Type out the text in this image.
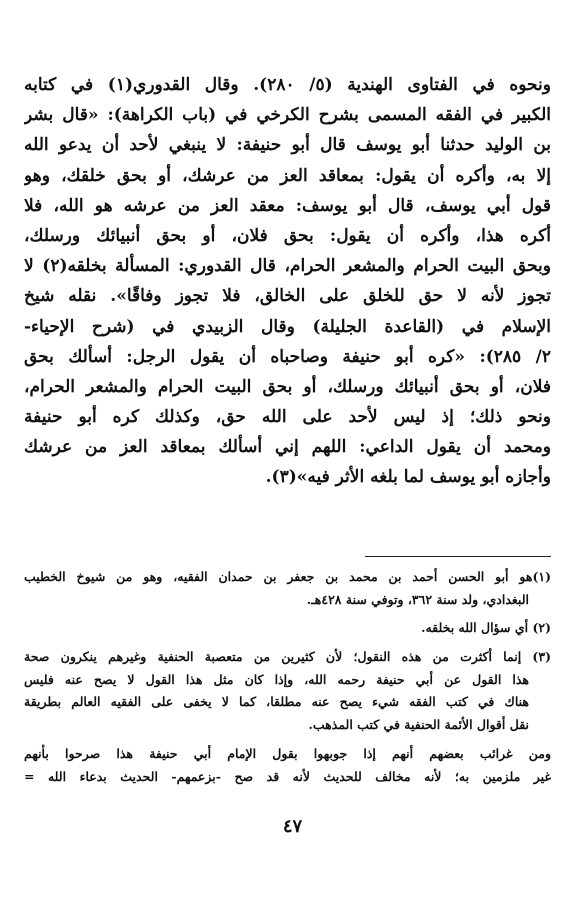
ونحوه في الفتاوى الهندية (٥/ ٢٨٠). وقال القدوري(١) في كتابه
الكبير في الفقه المسمى بشرح الكرخي في (باب الكراهة): «قال بشر
بن الوليد حدثنا أبو يوسف قال أبو حنيفة: لا ينبغي لأحد أن يدعو الله
إلا به، وأكره أن يقول: بمعاقد العز من عرشك، أو بحق خلقك، وهو
قول أبي يوسف، قال أبو يوسف: معقد العز من عرشه هو الله، فلا
أكره هذا، وأكره أن يقول: بحق فلان، أو بحق أنبيائك ورسلك،
وبحق البيت الحرام والمشعر الحرام، قال القدوري: المسألة بخلقه(٢) لا
تجوز لأنه لا حق للخلق على الخالق، فلا تجوز وفاقًا». نقله شيخ
الإسلام في (القاعدة الجليلة) وقال الزبيدي في (شرح الإحياء-
٢/ ٢٨٥): «كره أبو حنيفة وصاحباه أن يقول الرجل: أسألك بحق
فلان، أو بحق أنبيائك ورسلك، أو بحق البيت الحرام والمشعر الحرام،
ونحو ذلك؛ إذ ليس لأحد على الله حق، وكذلك كره أبو حنيفة
ومحمد أن يقول الداعي: اللهم إني أسألك بمعاقد العز من عرشك
وأجازه أبو يوسف لما بلغه الأثر فيه»(٣).
(١)هو أبو الحسن أحمد بن محمد بن جعفر بن حمدان الفقيه، وهو من شيوخ الخطيب
البغدادي، ولد سنة ٣٦٢، وتوفي سنة ٤٢٨هـ.
(٢) أي سؤال الله بخلقه.
(٣) إنما أكثرت من هذه النقول؛ لأن كثيرين من متعصبة الحنفية وغيرهم ينكرون صحة
هذا القول عن أبي حنيفة رحمه الله، وإذا كان مثل هذا القول لا يصح عنه فليس
هناك في كتب الفقه شيء يصح عنه مطلقا، كما لا يخفى على الفقيه العالم بطريقة
نقل أقوال الأئمة الحنفية في كتب المذهب.
ومن غرائب بعضهم أنهم إذا جوبهوا بقول الإمام أبي حنيفة هذا صرحوا بأنهم
غير ملزمين به؛ لأنه مخالف للحديث لأنه قد صح -بزعمهم- الحديث بدعاء الله =
٤٧
